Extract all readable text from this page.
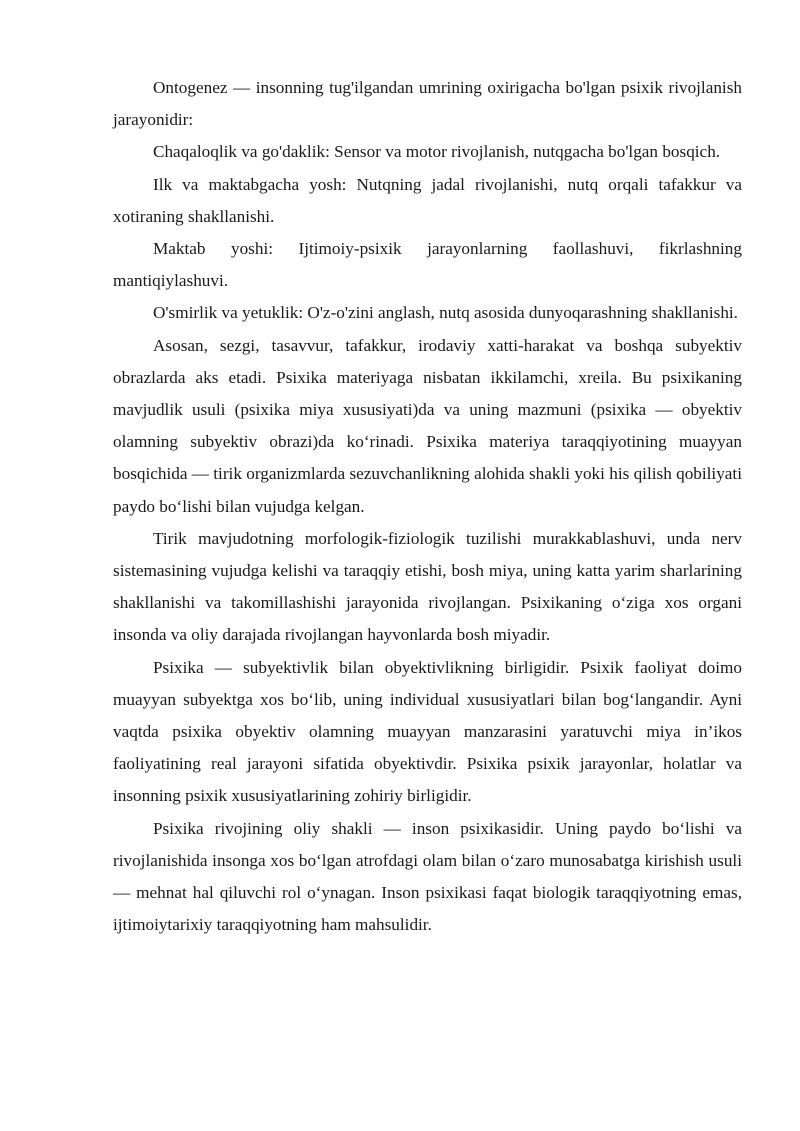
Ontogenez — insonning tug'ilgandan umrining oxirigacha bo'lgan psixik rivojlanish jarayonidir:

Chaqaloqlik va go'daklik: Sensor va motor rivojlanish, nutqgacha bo'lgan bosqich.

Ilk va maktabgacha yosh: Nutqning jadal rivojlanishi, nutq orqali tafakkur va xotiraning shakllanishi.

Maktab yoshi: Ijtimoiy-psixik jarayonlarning faollashuvi, fikrlashning mantiqiylashuvi.

O'smirlik va yetuklik: O'z-o'zini anglash, nutq asosida dunyoqarashning shakllanishi.

Asosan, sezgi, tasavvur, tafakkur, irodaviy xatti-harakat va boshqa subyektiv obrazlarda aks etadi. Psixika materiyaga nisbatan ikkilamchi, xreila. Bu psixikaning mavjudlik usuli (psixika miya xususiyati)da va uning mazmuni (psixika — obyektiv olamning subyektiv obrazi)da ko‘rinadi. Psixika materiya taraqqiyotining muayyan bosqichida — tirik organizmlarda sezuvchanlikning alohida shakli yoki his qilish qobiliyati paydo bo‘lishi bilan vujudga kelgan.

Tirik mavjudotning morfologik-fiziologik tuzilishi murakkablashuvi, unda nerv sistemasining vujudga kelishi va taraqqiy etishi, bosh miya, uning katta yarim sharlarining shakllanishi va takomillashishi jarayonida rivojlangan. Psixikaning o‘ziga xos organi insonda va oliy darajada rivojlangan hayvonlarda bosh miyadir.

Psixika — subyektivlik bilan obyektivlikning birligidir. Psixik faoliyat doimo muayyan subyektga xos bo‘lib, uning individual xususiyatlari bilan bog‘langandir. Ayni vaqtda psixika obyektiv olamning muayyan manzarasini yaratuvchi miya in’ikos faoliyatining real jarayoni sifatida obyektivdir. Psixika psixik jarayonlar, holatlar va insonning psixik xususiyatlarining zohiriy birligidir.

Psixika rivojining oliy shakli — inson psixikasidir. Uning paydo bo‘lishi va rivojlanishida insonga xos bo‘lgan atrofdagi olam bilan o‘zaro munosabatga kirishish usuli — mehnat hal qiluvchi rol o‘ynagan. Inson psixikasi faqat biologik taraqqiyotning emas, ijtimoiytarixiy taraqqiyotning ham mahsulidir.
